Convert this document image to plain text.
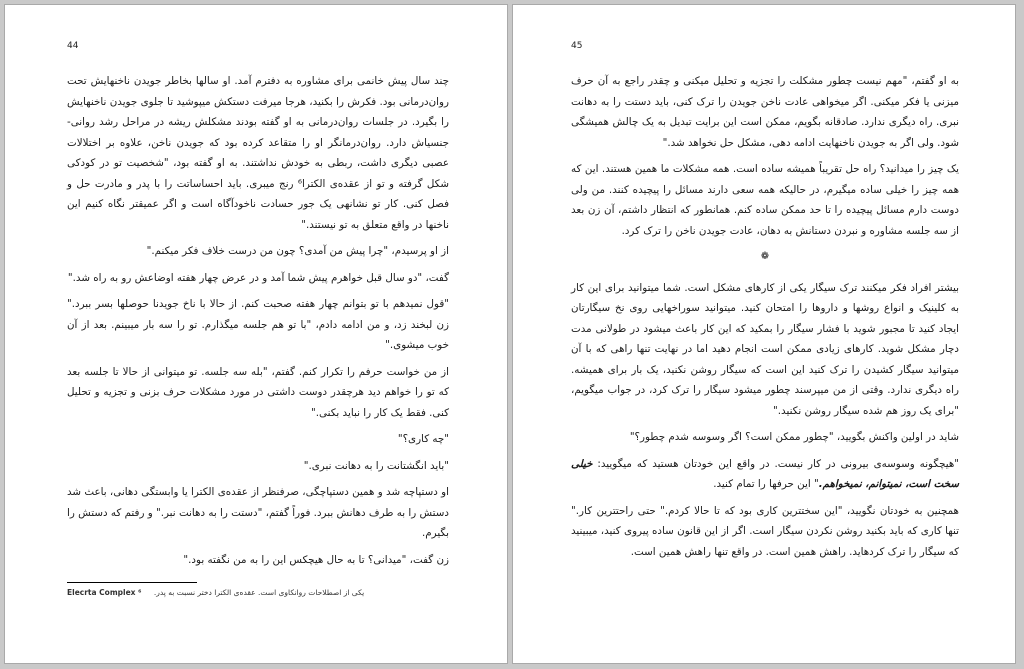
44

چند سال پیش خانمی برای مشاوره به دفترم آمد. او سالها بخاطر جویدن ناخنهایش تحت روان‌درمانی بود. فکرش را بکنید، هرجا میرفت دستکش میپوشید تا جلوی جویدن ناخنهایش را بگیرد. در جلسات روان‌درمانی به او گفته بودند مشکلش ریشه در مراحل رشد روانی- جنسیاش دارد. روان‌درمانگر او را متقاعد کرده بود که جویدن ناخن، علاوه بر اختلالات عصبی دیگری داشت، ربطی به خودش نداشتند. به او گفته بود، "شخصیت تو در کودکی شکل گرفته و تو از عقده‌ی الکترا⁶ رنج میبری. باید احساساتت را با پدر و مادرت حل و فصل کنی. کار تو نشانهی یک جور حسادت ناخودآگاه است و اگر عمیقتر نگاه کنیم این ناخنها در واقع متعلق به تو نیستند."

از او پرسیدم، "چرا پیش من آمدی؟ چون من درست خلاف فکر میکنم."

گفت، "دو سال قبل خواهرم پیش شما آمد و در عرض چهار هفته اوضاعش رو به راه شد."

"قول نمیدهم با تو بتوانم چهار هفته صحبت کنم. از حالا با ناخ جویدنا حوصلها بسر ببرد." زن لبخند زد، و من ادامه دادم، "با تو هم جلسه میگذارم. تو را سه بار میبینم. بعد از آن خوب میشوی."

از من خواست حرفم را تکرار کنم. گفتم، "بله سه جلسه. تو میتوانی از حالا تا جلسه بعد که تو را خواهم دید هرچقدر دوست داشتی در مورد مشکلات حرف بزنی و تجزیه و تحلیل کنی. فقط یک کار را نباید بکنی."

"چه کاری؟"

"باید انگشتانت را به دهانت نبری."

او دستپاچه شد و همین دستپاچگی، صرفنظر از عقده‌ی الکترا یا وابستگی دهانی، باعث شد دستش را به طرف دهانش ببرد. فوراً گفتم، "دستت را به دهانت نبر." و رفتم که دستش را بگیرم.

زن گفت، "میدانی؟ تا به حال هیچکس این را به من نگفته بود."

Elecrta Complex ⁶ یکی از اصطلاحات روانکاوی است. عقده‌ی الکترا دختر نسبت به پدر.
45

به او گفتم، "مهم نیست چطور مشکلت را تجزیه و تحلیل میکنی و چقدر راجع به آن حرف میزنی یا فکر میکنی. اگر میخواهی عادت ناخن جویدن را ترک کنی، باید دستت را به دهانت نبری. راه دیگری ندارد. صادقانه بگویم، ممکن است این برایت تبدیل به یک چالش همیشگی شود. ولی اگر به جویدن ناخنهایت ادامه دهی، مشکل حل نخواهد شد."

یک چیز را میدانید؟ راه حل تقریباً همیشه ساده است. همه مشکلات ما همین هستند. این که همه چیز را خیلی ساده میگیرم، در حالیکه همه سعی دارند مسائل را پیچیده کنند. من ولی دوست دارم مسائل پیچیده را تا حد ممکن ساده کنم. همانطور که انتظار داشتم، آن زن بعد از سه جلسه مشاوره و نبردن دستانش به دهان، عادت جویدن ناخن را ترک کرد.

❁

بیشتر افراد فکر میکنند ترک سیگار یکی از کارهای مشکل است. شما میتوانید برای این کار به کلینیک و انواع روشها و داروها را امتحان کنید. میتوانید سوراخهایی روی نخ سیگارتان ایجاد کنید تا مجبور شوید با فشار سیگار را بمکید که این کار باعث میشود در طولانی مدت دچار مشکل شوید. کارهای زیادی ممکن است انجام دهید اما در نهایت تنها راهی که با آن میتوانید سیگار کشیدن را ترک کنید این است که سیگار روشن نکنید، یک بار برای همیشه. راه دیگری ندارد. وقتی از من میپرسند چطور میشود سیگار را ترک کرد، در جواب میگویم، "برای یک روز هم شده سیگار روشن نکنید."

شاید در اولین واکنش بگویید، "چطور ممکن است؟ اگر وسوسه شدم چطور؟"

"هیچگونه وسوسه‌ی بیرونی در کار نیست. در واقع این خودتان هستید که میگویید: خیلی سخت است، نمیتوانم، نمیخواهم." این حرفها را تمام کنید.

همچنین به خودتان نگویید، "این سختترین کاری بود که تا حالا کردم." حتی راحتترین کار." تنها کاری که باید بکنید روشن نکردن سیگار است. اگر از این قانون ساده پیروی کنید، میبینید که سیگار را ترک کردهاید. راهش همین است. در واقع تنها راهش همین است.
